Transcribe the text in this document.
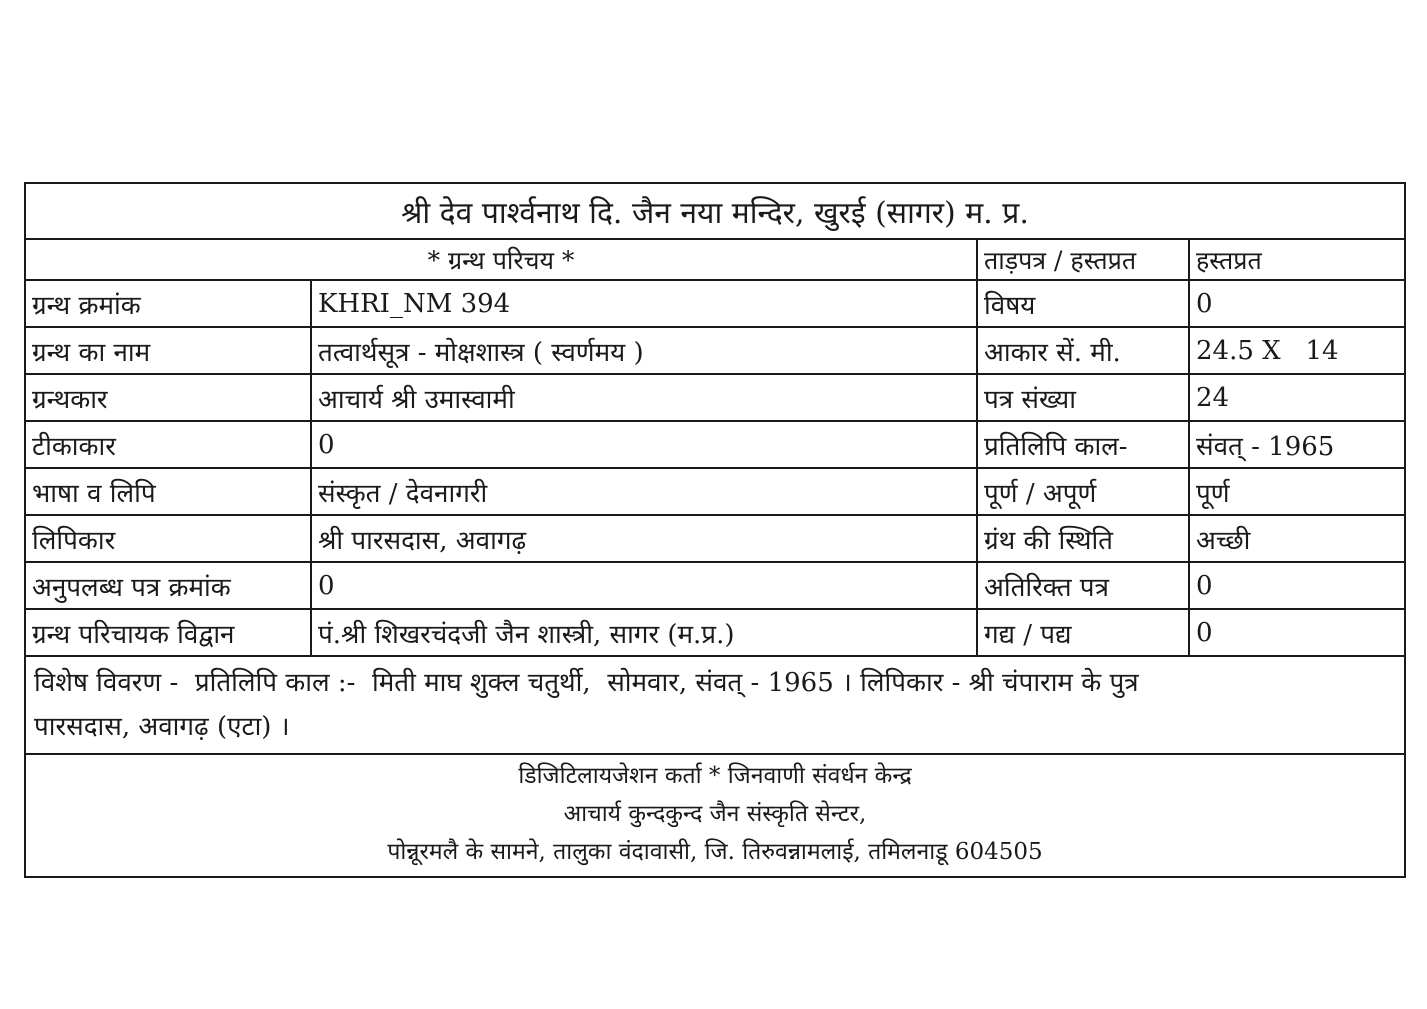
श्री देव पार्श्वनाथ दि. जैन नया मन्दिर, खुरई (सागर) म. प्र.
* ग्रन्थ परिचय *	ताड़पत्र / हस्तप्रत	हस्तप्रत
ग्रन्थ क्रमांक	KHRI_NM 394	विषय	0
ग्रन्थ का नाम	तत्वार्थसूत्र - मोक्षशास्त्र ( स्वर्णमय )	आकार सें. मी.	24.5 X   14
ग्रन्थकार	आचार्य श्री उमास्वामी	पत्र संख्या	24
टीकाकार	0	प्रतिलिपि काल-	संवत् - 1965
भाषा व लिपि	संस्कृत / देवनागरी	पूर्ण / अपूर्ण	पूर्ण
लिपिकार	श्री पारसदास, अवागढ़	ग्रंथ की स्थिति	अच्छी
अनुपलब्ध पत्र क्रमांक	0	अतिरिक्त पत्र	0
ग्रन्थ परिचायक विद्वान	पं.श्री शिखरचंदजी जैन शास्त्री, सागर (म.प्र.)	गद्य / पद्य	0
विशेष विवरण -  प्रतिलिपि काल :-  मिती माघ शुक्ल चतुर्थी,  सोमवार, संवत् - 1965 । लिपिकार - श्री चंपाराम के पुत्र
पारसदास, अवागढ़ (एटा) ।
डिजिटिलायजेशन कर्ता * जिनवाणी संवर्धन केन्द्र
आचार्य कुन्दकुन्द जैन संस्कृति सेन्टर,
पोन्नूरमलै के सामने, तालुका वंदावासी, जि. तिरुवन्नामलाई, तमिलनाडू 604505
